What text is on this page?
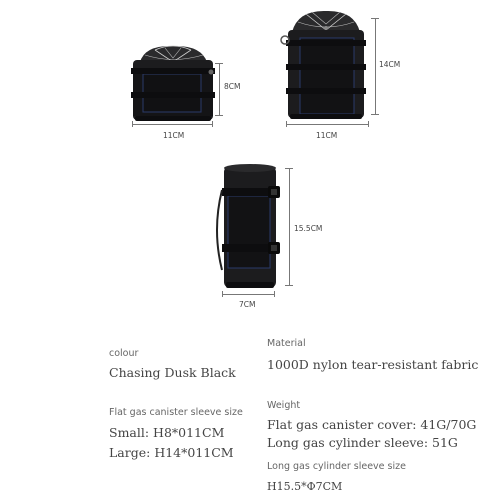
8CM
11CM
14CM
11CM
15.5CM
7CM
colour
Chasing Dusk Black
Material
1000D nylon tear-resistant fabric
Flat gas canister sleeve size
Small: H8*011CM
Large: H14*011CM
Weight
Flat gas canister cover: 41G/70G
Long gas cylinder sleeve: 51G
Long gas cylinder sleeve size
H15.5*Φ7CM
